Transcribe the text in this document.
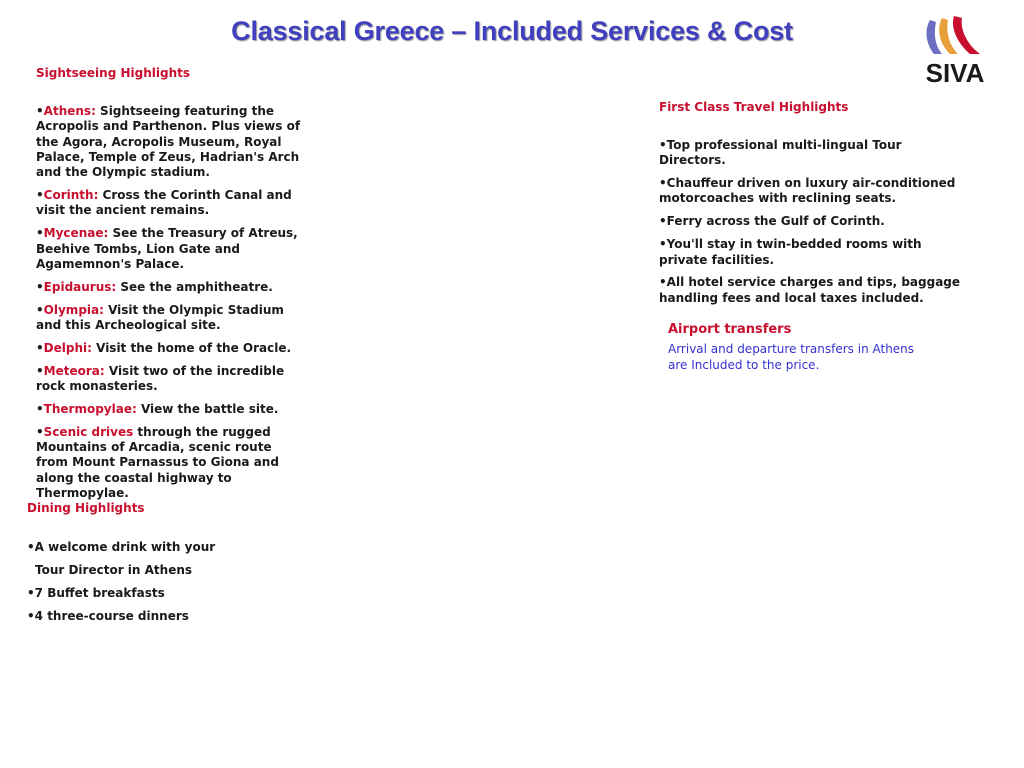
Classical Greece – Included Services & Cost
SIVA
Sightseeing Highlights

•Athens: Sightseeing featuring the Acropolis and Parthenon. Plus views of the Agora, Acropolis Museum, Royal Palace, Temple of Zeus, Hadrian's Arch and the Olympic stadium.

•Corinth: Cross the Corinth Canal and visit the ancient remains.

•Mycenae: See the Treasury of Atreus, Beehive Tombs, Lion Gate and Agamemnon's Palace.

•Epidaurus: See the amphitheatre.

•Olympia: Visit the Olympic Stadium and this Archeological site.

•Delphi: Visit the home of the Oracle.

•Meteora: Visit two of the incredible rock monasteries.

•Thermopylae: View the battle site.

•Scenic drives through the rugged Mountains of Arcadia, scenic route from Mount Parnassus to Giona and along the coastal highway to Thermopylae.

Dining Highlights

•A welcome drink with your

Tour Director in Athens

•7 Buffet breakfasts

•4 three-course dinners

First Class Travel Highlights

•Top professional multi-lingual Tour Directors.

•Chauffeur driven on luxury air-conditioned motorcoaches with reclining seats.

•Ferry across the Gulf of Corinth.

•You'll stay in twin-bedded rooms with private facilities.

•All hotel service charges and tips, baggage handling fees and local taxes included.

Airport transfers
Arrival and departure transfers in Athens are Included to the price.
